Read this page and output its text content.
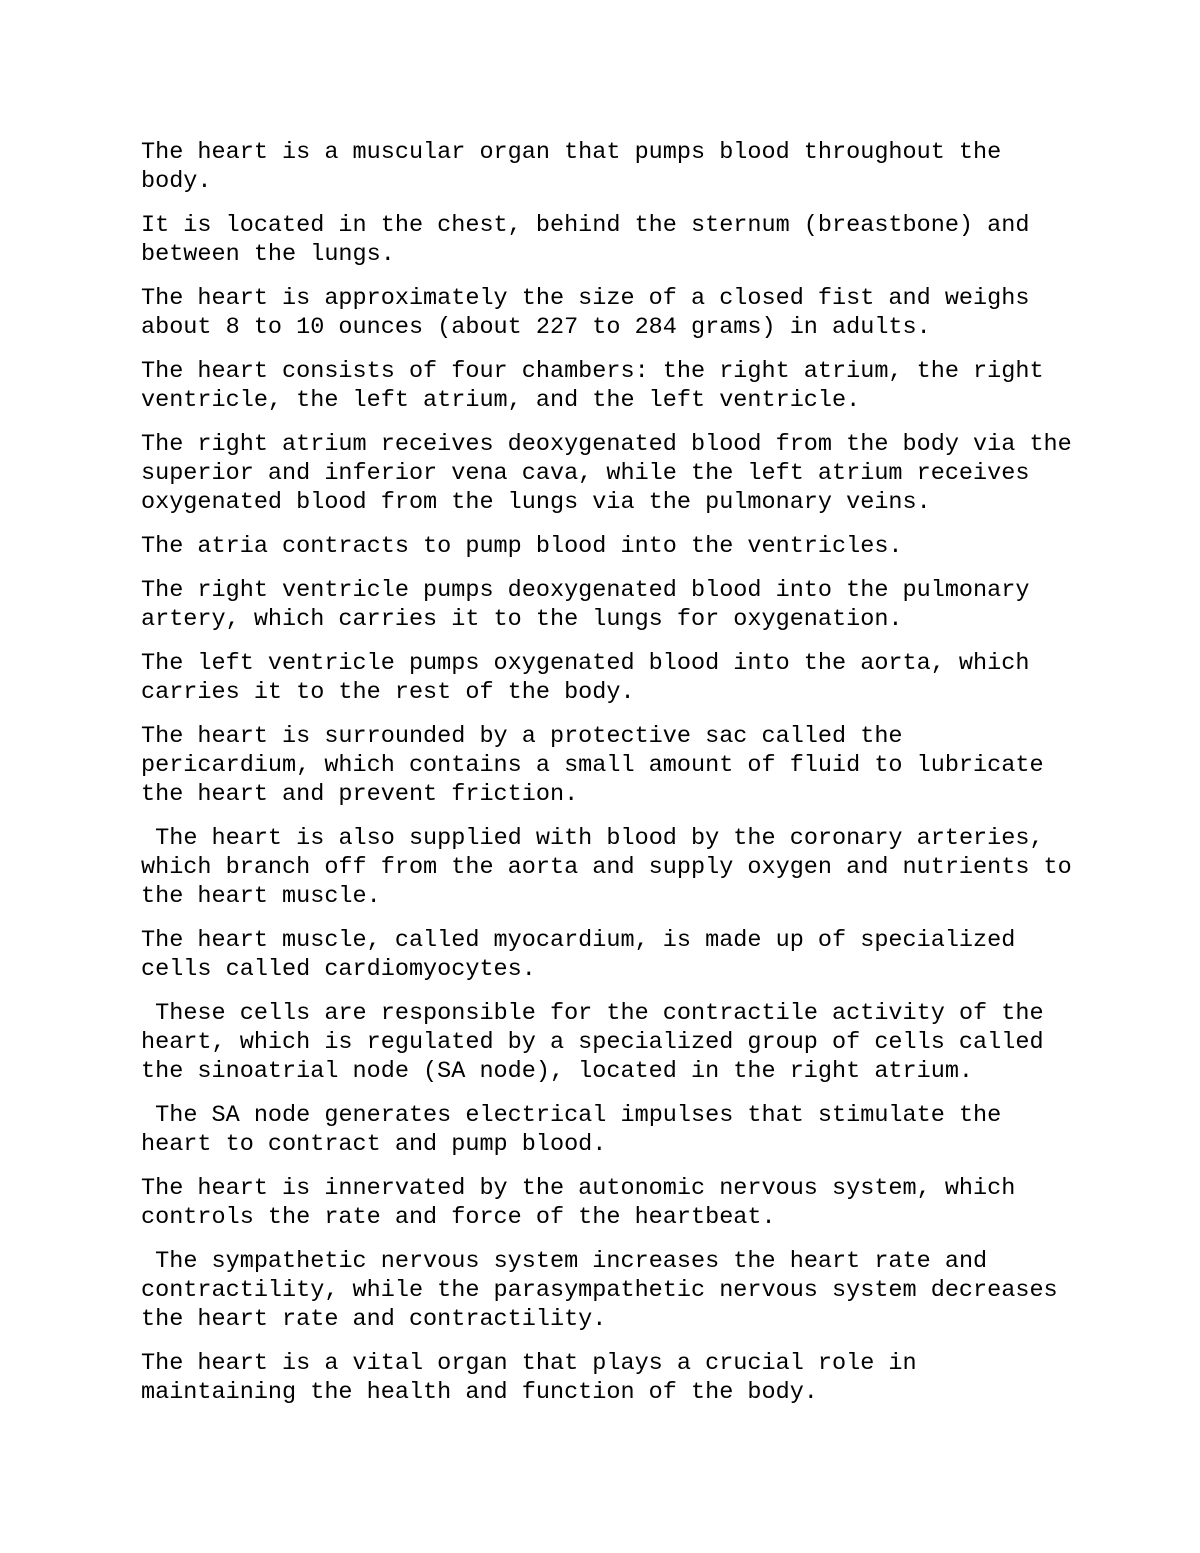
The heart is a muscular organ that pumps blood throughout the body.

It is located in the chest, behind the sternum (breastbone) and between the lungs.

The heart is approximately the size of a closed fist and weighs about 8 to 10 ounces (about 227 to 284 grams) in adults.

The heart consists of four chambers: the right atrium, the right ventricle, the left atrium, and the left ventricle.

The right atrium receives deoxygenated blood from the body via the superior and inferior vena cava, while the left atrium receives oxygenated blood from the lungs via the pulmonary veins.

The atria contracts to pump blood into the ventricles.

The right ventricle pumps deoxygenated blood into the pulmonary artery, which carries it to the lungs for oxygenation.

The left ventricle pumps oxygenated blood into the aorta, which carries it to the rest of the body.

The heart is surrounded by a protective sac called the pericardium, which contains a small amount of fluid to lubricate the heart and prevent friction.

The heart is also supplied with blood by the coronary arteries, which branch off from the aorta and supply oxygen and nutrients to the heart muscle.

The heart muscle, called myocardium, is made up of specialized cells called cardiomyocytes.

These cells are responsible for the contractile activity of the heart, which is regulated by a specialized group of cells called the sinoatrial node (SA node), located in the right atrium.

The SA node generates electrical impulses that stimulate the heart to contract and pump blood.

The heart is innervated by the autonomic nervous system, which controls the rate and force of the heartbeat.

The sympathetic nervous system increases the heart rate and contractility, while the parasympathetic nervous system decreases the heart rate and contractility.

The heart is a vital organ that plays a crucial role in maintaining the health and function of the body.
